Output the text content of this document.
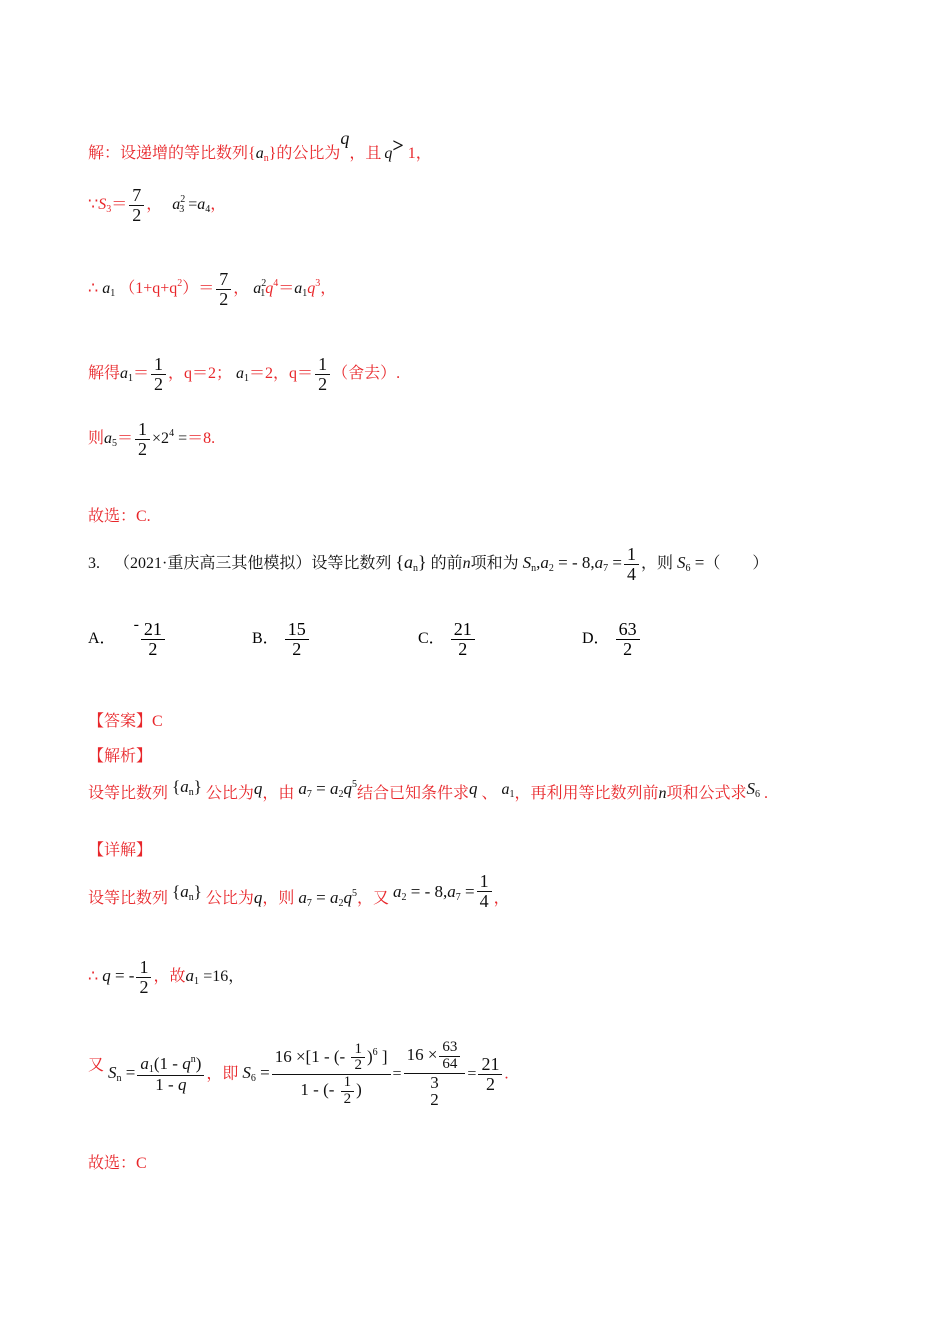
解：设递增的等比数列$\{a_n\}$的公比为q，且 q> 1，
$\because S_3= \frac{7}{2}$ ， $a^2_3 =a_4$，
∴ $a_1$ $(1+q+q^2)= \frac{7}{2}$ ， $a^2_1q^4=a_1q^3$，
解得$a_1= \frac{1}{2}$ ，q＝2； $a_1=2$，$q= \frac{1}{2}$ （舍去）.
则$a_5= \frac{1}{2} \times 2^4 ==8$.
故选：C.
3. （2021·重庆高三其他模拟）设等比数列 $\{a_n\}$ 的前n项和为 $S_n,a_2$ = - $8,a_7 = \frac{1}{4}$ ，则 $S_6$ =（　　）
A． - $\frac{21}{2}$	B． $\frac{15}{2}$	C． $\frac{21}{2}$	D． $\frac{63}{2}$
【答案】C
【解析】
设等比数列 $\{a_n\}$ 公比为q，由 $a_7 = a_2q^5$结合已知条件求q 、 $a_1$，再利用等比数列前n项和公式求$S_6$ .
【详解】
设等比数列 $\{a_n\}$ 公比为q，则 $a_7 = a_2q^5$，又 $a_2$ = - $8,a_7 = \frac{1}{4}$ ，
∴ q = - $\frac{1}{2}$ ，故$a_1 =16$，
又 $S_n = \frac{a_1(1 - q^n)}{1 - q}$ ，即 $S_6 = \frac{16 \times[1 - (- \frac{1}{2} )^6 ]}{1 - (- \frac{1}{2} )}$ =
$16 \times \frac{63}{64}$
3
2
= $\frac{21}{2}$ .
故选：C
